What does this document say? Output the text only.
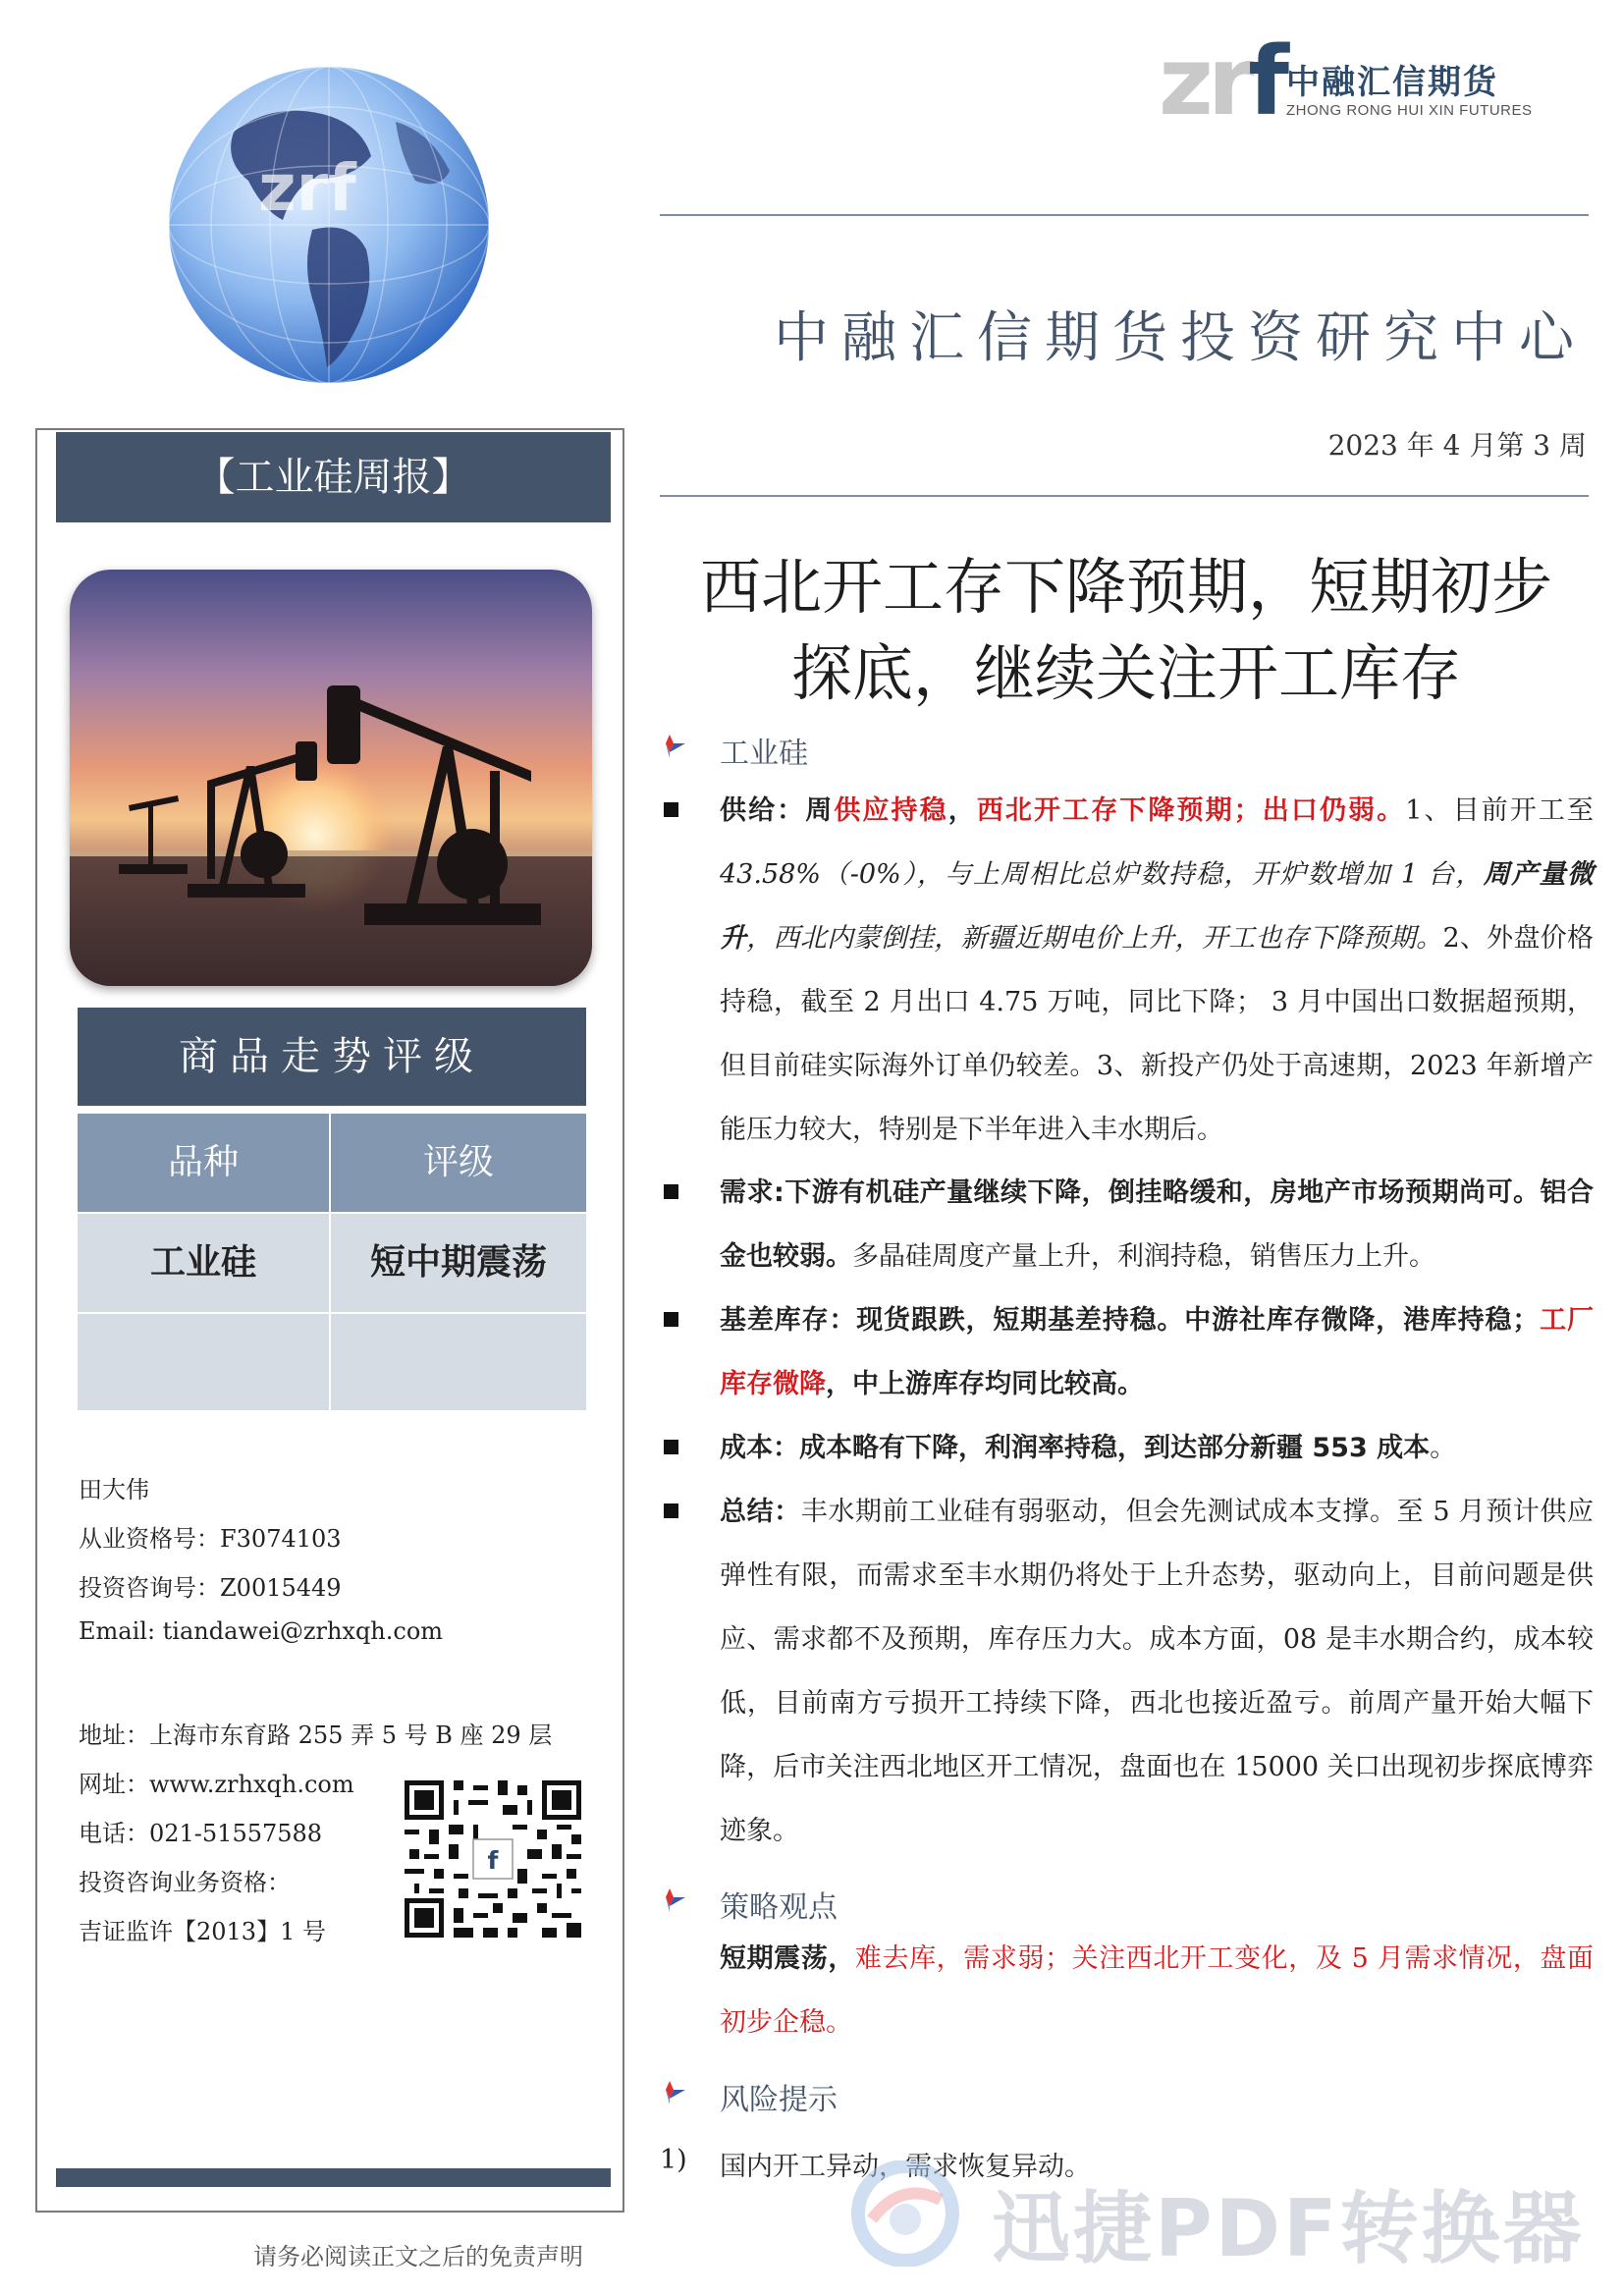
zrf 中融汇信期货
ZHONG RONG HUI XIN FUTURES
中融汇信期货投资研究中心
2023 年 4 月第 3 周
西北开工存下降预期，短期初步
探底，继续关注开工库存
zrf
【工业硅周报】
商品走势评级
品种	评级
工业硅	短中期震荡
田大伟
从业资格号：F3074103
投资咨询号：Z0015449
Email: tiandawei@zrhxqh.com
地址：上海市东育路 255 弄 5 号 B 座 29 层
网址：www.zrhxqh.com
电话：021-51557588
投资咨询业务资格：
吉证监许【2013】1 号
f
请务必阅读正文之后的免责声明
工业硅
供给：周供应持稳，西北开工存下降预期；出口仍弱。1、目前开工至43.58%（-0%），与上周相比总炉数持稳，开炉数增加 1 台，周产量微升，西北内蒙倒挂，新疆近期电价上升，开工也存下降预期。2、外盘价格持稳，截至 2 月出口 4.75 万吨，同比下降； 3 月中国出口数据超预期，但目前硅实际海外订单仍较差。3、新投产仍处于高速期，2023 年新增产能压力较大，特别是下半年进入丰水期后。
需求:下游有机硅产量继续下降，倒挂略缓和，房地产市场预期尚可。铝合金也较弱。多晶硅周度产量上升，利润持稳，销售压力上升。
基差库存：现货跟跌，短期基差持稳。中游社库存微降，港库持稳；工厂库存微降，中上游库存均同比较高。
成本：成本略有下降，利润率持稳，到达部分新疆 553 成本。
总结：丰水期前工业硅有弱驱动，但会先测试成本支撑。至 5 月预计供应弹性有限，而需求至丰水期仍将处于上升态势，驱动向上，目前问题是供应、需求都不及预期，库存压力大。成本方面，08 是丰水期合约，成本较低，目前南方亏损开工持续下降，西北也接近盈亏。前周产量开始大幅下降，后市关注西北地区开工情况，盘面也在 15000 关口出现初步探底博弈迹象。
策略观点
短期震荡，难去库，需求弱；关注西北开工变化，及 5 月需求情况，盘面初步企稳。
风险提示
1) 国内开工异动，需求恢复异动。
迅捷PDF转换器
